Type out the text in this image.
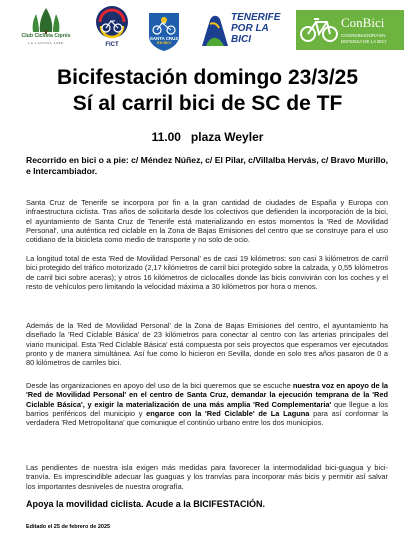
Club Ciclista Ciprés
LA LAGUNA 1988	FICT
SANTA CRUZ
EN BICI
TENERIFE
POR LA
BICI
ConBici
COORDINADORA EN
DEFENSA DE LA BICI
Bicifestación domingo 23/3/25
Sí al carril bici de SC de TF
11.00   plaza Weyler
Recorrido en bici o a pie: c/ Méndez Núñez, c/ El Pilar, c/Villalba Hervás, c/ Bravo Murillo, e Intercambiador.
Santa Cruz de Tenerife se incorpora por fin a la gran cantidad de ciudades de España y Europa con infraestructura ciclista. Tras años de solicitarla desde los colectivos que defienden la incorporación de la bici, el ayuntamiento de Santa Cruz de Tenerife está materializando en estos momentos la 'Red de Movilidad Personal', una auténtica red ciclable en la Zona de Bajas Emisiones del centro que se construye para el uso cotidiano de la bicicleta como medio de transporte y no solo de ocio.
La longitud total de esta 'Red de Movilidad Personal' es de casi 19 kilómetros: son casi 3 kilómetros de carril bici protegido del tráfico motorizado (2,17 kilómetros de carril bici protegido sobre la calzada, y 0,55 kilómetros de carril bici sobre aceras); y otros 16 kilómetros de ciclocalles donde las bicis convivirán con los coches y el resto de vehículos pero limitando la velocidad máxima a 30 kilómetros por hora o menos.
Además de la 'Red de Movilidad Personal' de la Zona de Bajas Emisiones del centro, el ayuntamiento ha diseñado la 'Red Ciclable Básica' de 23 kilómetros para conectar al centro con las arterias principales del viario municipal. Esta 'Red Ciclable Básica' está compuesta por seis proyectos que esperamos ver ejecutados pronto y de manera simultánea. Así fue como lo hicieron en Sevilla, donde en solo tres años pasaron de 0 a 80 kilómetros de carriles bici.
Desde las organizaciones en apoyo del uso de la bici queremos que se escuche nuestra voz en apoyo de la 'Red de Movilidad Personal' en el centro de Santa Cruz, demandar la ejecución temprana de la 'Red Ciclable Básica', y exigir la materialización de una más amplia 'Red Complementaria' que llegue a los barrios periféricos del municipio y engarce con la 'Red Ciclable' de La Laguna para así conformar la verdadera 'Red Metropolitana' que comunique el continúo urbano entre los dos municipios.
Las pendientes de nuestra isla exigen más medidas para favorecer la intermodalidad bici-guagua y bici-tranvía. Es imprescindible adecuar las guaguas y los tranvías para incorporar más bicis y permitir así salvar los importantes desniveles de nuestra orografía.
Apoya la movilidad ciclista. Acude a la BICIFESTACIÓN.
Editado el 25 de febrero de 2025
